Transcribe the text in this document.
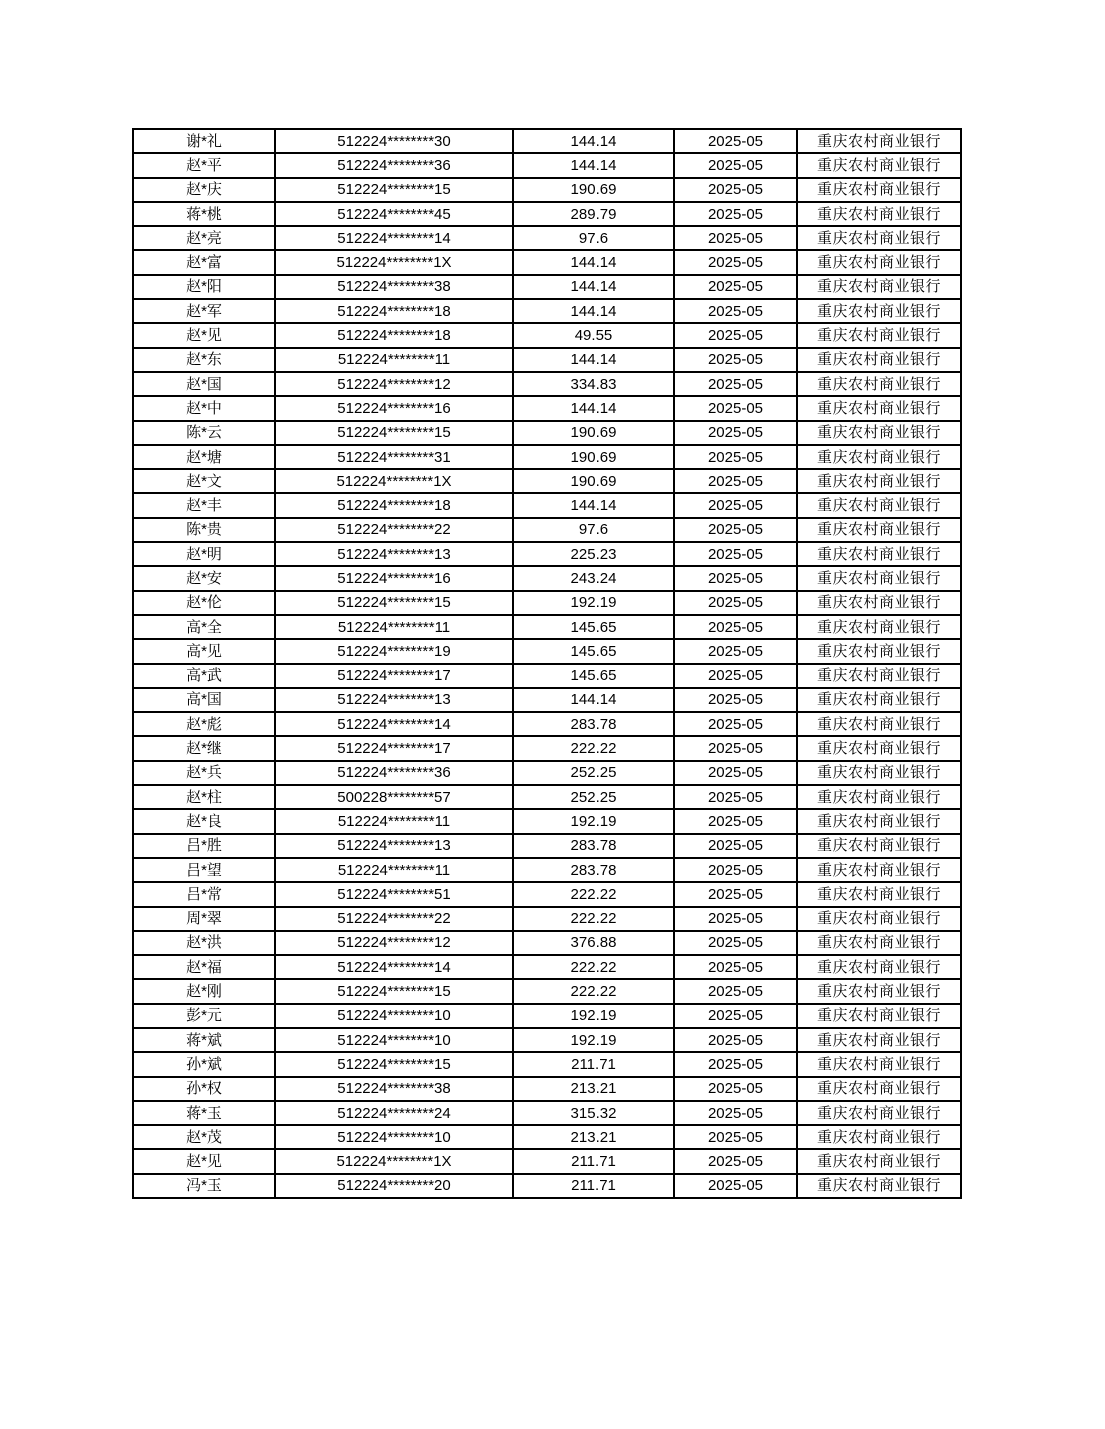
谢*礼	512224********30	144.14	2025-05	重庆农村商业银行
赵*平	512224********36	144.14	2025-05	重庆农村商业银行
赵*庆	512224********15	190.69	2025-05	重庆农村商业银行
蒋*桃	512224********45	289.79	2025-05	重庆农村商业银行
赵*亮	512224********14	97.6	2025-05	重庆农村商业银行
赵*富	512224********1X	144.14	2025-05	重庆农村商业银行
赵*阳	512224********38	144.14	2025-05	重庆农村商业银行
赵*军	512224********18	144.14	2025-05	重庆农村商业银行
赵*见	512224********18	49.55	2025-05	重庆农村商业银行
赵*东	512224********11	144.14	2025-05	重庆农村商业银行
赵*国	512224********12	334.83	2025-05	重庆农村商业银行
赵*中	512224********16	144.14	2025-05	重庆农村商业银行
陈*云	512224********15	190.69	2025-05	重庆农村商业银行
赵*塘	512224********31	190.69	2025-05	重庆农村商业银行
赵*文	512224********1X	190.69	2025-05	重庆农村商业银行
赵*丰	512224********18	144.14	2025-05	重庆农村商业银行
陈*贵	512224********22	97.6	2025-05	重庆农村商业银行
赵*明	512224********13	225.23	2025-05	重庆农村商业银行
赵*安	512224********16	243.24	2025-05	重庆农村商业银行
赵*伦	512224********15	192.19	2025-05	重庆农村商业银行
高*全	512224********11	145.65	2025-05	重庆农村商业银行
高*见	512224********19	145.65	2025-05	重庆农村商业银行
高*武	512224********17	145.65	2025-05	重庆农村商业银行
高*国	512224********13	144.14	2025-05	重庆农村商业银行
赵*彪	512224********14	283.78	2025-05	重庆农村商业银行
赵*继	512224********17	222.22	2025-05	重庆农村商业银行
赵*兵	512224********36	252.25	2025-05	重庆农村商业银行
赵*柱	500228********57	252.25	2025-05	重庆农村商业银行
赵*良	512224********11	192.19	2025-05	重庆农村商业银行
吕*胜	512224********13	283.78	2025-05	重庆农村商业银行
吕*望	512224********11	283.78	2025-05	重庆农村商业银行
吕*常	512224********51	222.22	2025-05	重庆农村商业银行
周*翠	512224********22	222.22	2025-05	重庆农村商业银行
赵*洪	512224********12	376.88	2025-05	重庆农村商业银行
赵*福	512224********14	222.22	2025-05	重庆农村商业银行
赵*刚	512224********15	222.22	2025-05	重庆农村商业银行
彭*元	512224********10	192.19	2025-05	重庆农村商业银行
蒋*斌	512224********10	192.19	2025-05	重庆农村商业银行
孙*斌	512224********15	211.71	2025-05	重庆农村商业银行
孙*权	512224********38	213.21	2025-05	重庆农村商业银行
蒋*玉	512224********24	315.32	2025-05	重庆农村商业银行
赵*茂	512224********10	213.21	2025-05	重庆农村商业银行
赵*见	512224********1X	211.71	2025-05	重庆农村商业银行
冯*玉	512224********20	211.71	2025-05	重庆农村商业银行
